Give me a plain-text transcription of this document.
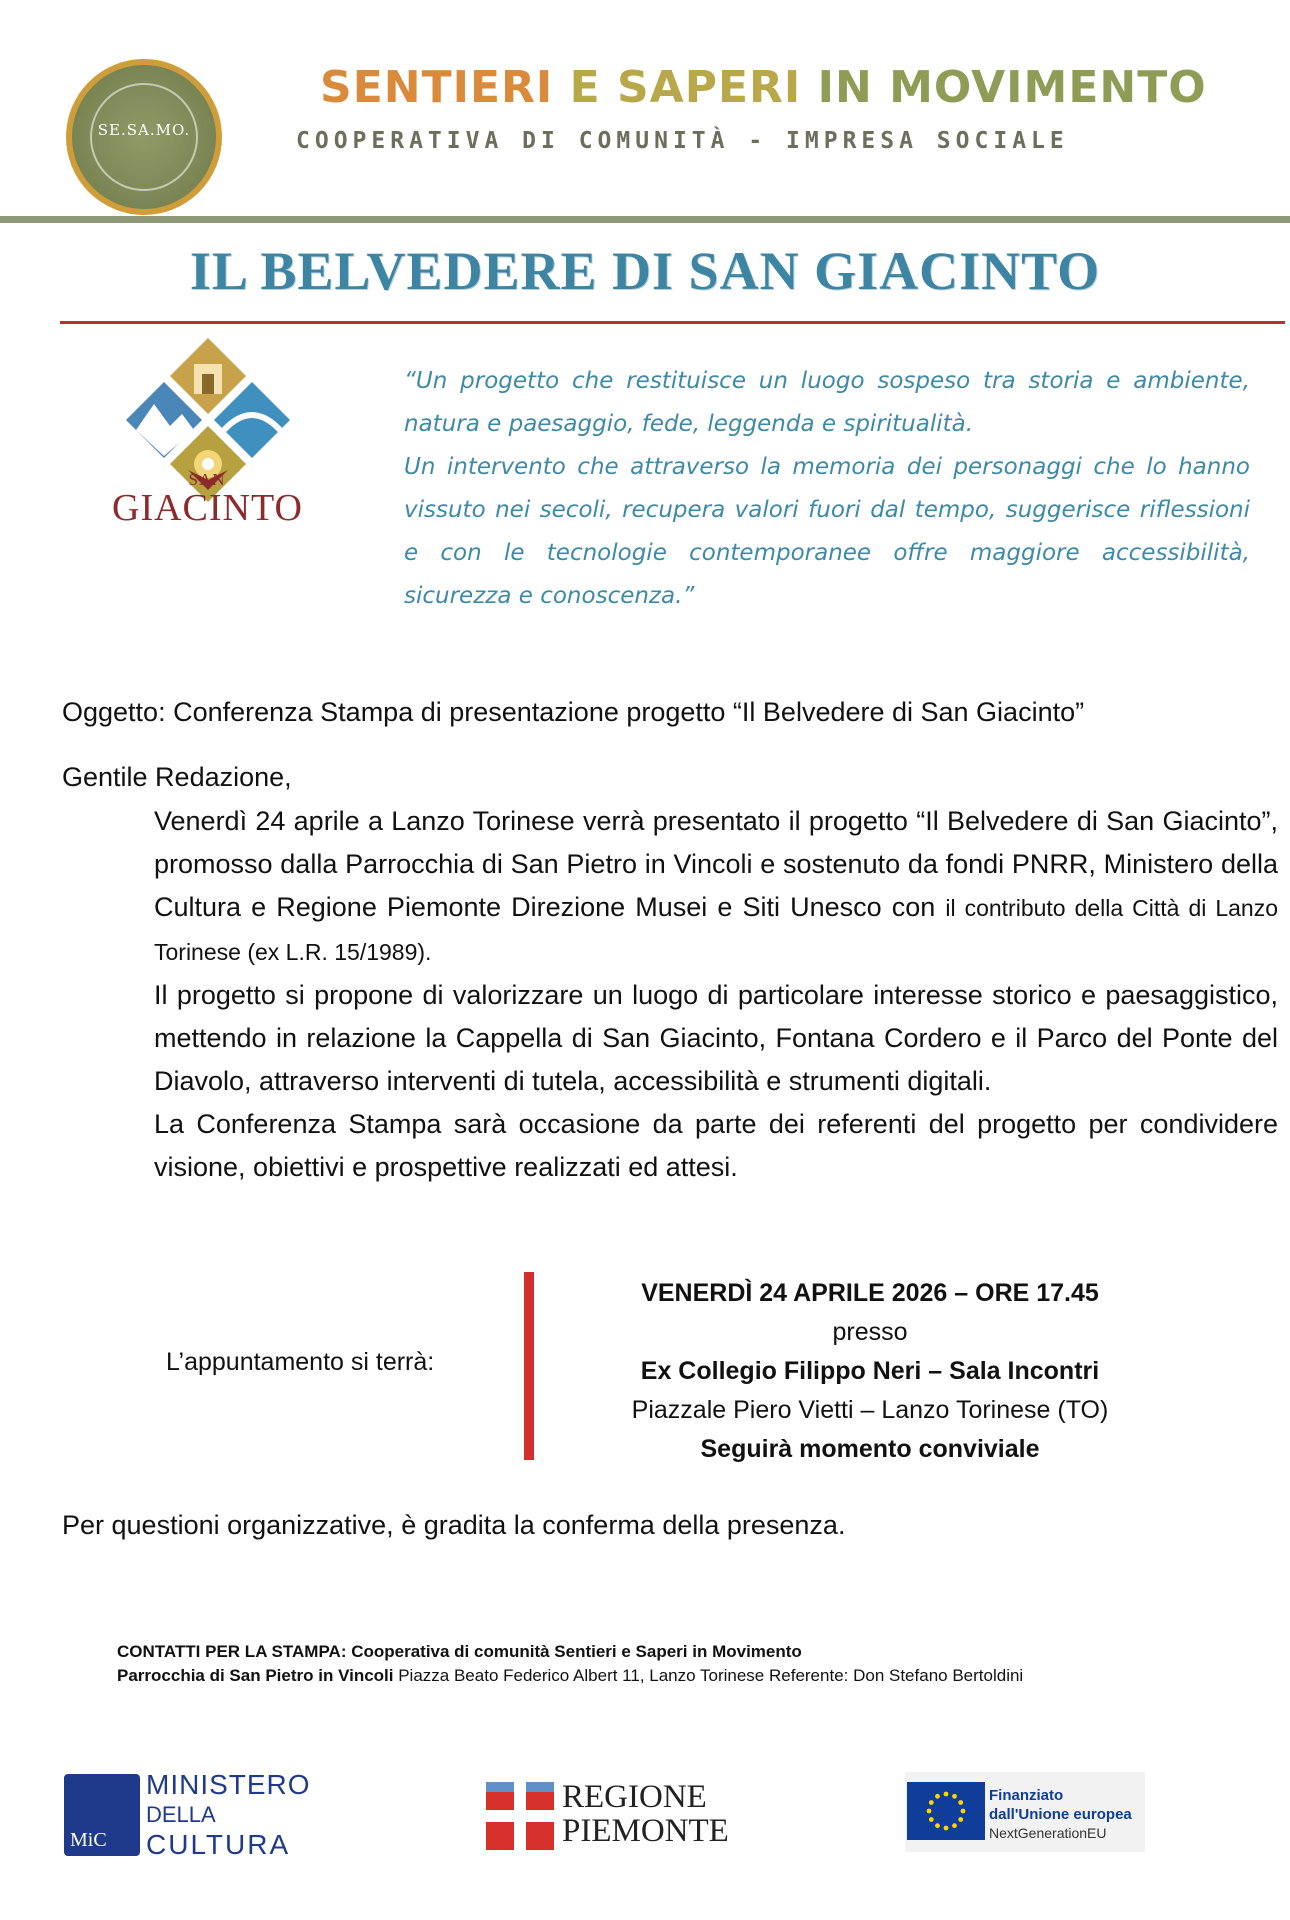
SE.SA.MO.
SENTIERI E SAPERI IN MOVIMENTO
COOPERATIVA DI COMUNITÀ - IMPRESA SOCIALE
IL BELVEDERE DI SAN GIACINTO
SAN
GIACINTO

“Un progetto che restituisce un luogo sospeso tra storia e ambiente, natura e paesaggio, fede, leggenda e spiritualità.

Un intervento che attraverso la memoria dei personaggi che lo hanno vissuto nei secoli, recupera valori fuori dal tempo, suggerisce riflessioni e con le tecnologie contemporanee offre maggiore accessibilità, sicurezza e conoscenza.”

Oggetto: Conferenza Stampa di presentazione progetto “Il Belvedere di San Giacinto”
Gentile Redazione,

Venerdì 24 aprile a Lanzo Torinese verrà presentato il progetto “Il Belvedere di San Giacinto”, promosso dalla Parrocchia di San Pietro in Vincoli e sostenuto da fondi PNRR, Ministero della Cultura e Regione Piemonte Direzione Musei e Siti Unesco con il contributo della Città di Lanzo Torinese (ex L.R. 15/1989).

Il progetto si propone di valorizzare un luogo di particolare interesse storico e paesaggistico, mettendo in relazione la Cappella di San Giacinto, Fontana Cordero e il Parco del Ponte del Diavolo, attraverso interventi di tutela, accessibilità e strumenti digitali.

La Conferenza Stampa sarà occasione da parte dei referenti del progetto per condividere visione, obiettivi e prospettive realizzati ed attesi.

L’appuntamento si terrà:
VENERDÌ 24 APRILE 2026 – ORE 17.45
presso
Ex Collegio Filippo Neri – Sala Incontri
Piazzale Piero Vietti – Lanzo Torinese (TO)
Seguirà momento conviviale
Per questioni organizzative, è gradita la conferma della presenza.
CONTATTI PER LA STAMPA: Cooperativa di comunità Sentieri e Saperi in Movimento
Parrocchia di San Pietro in Vincoli Piazza Beato Federico Albert 11, Lanzo Torinese Referente: Don Stefano Bertoldini
MiC
MINISTERO
DELLA
CULTURA
REGIONE
PIEMONTE
Finanziato
dall'Unione europea
NextGenerationEU
